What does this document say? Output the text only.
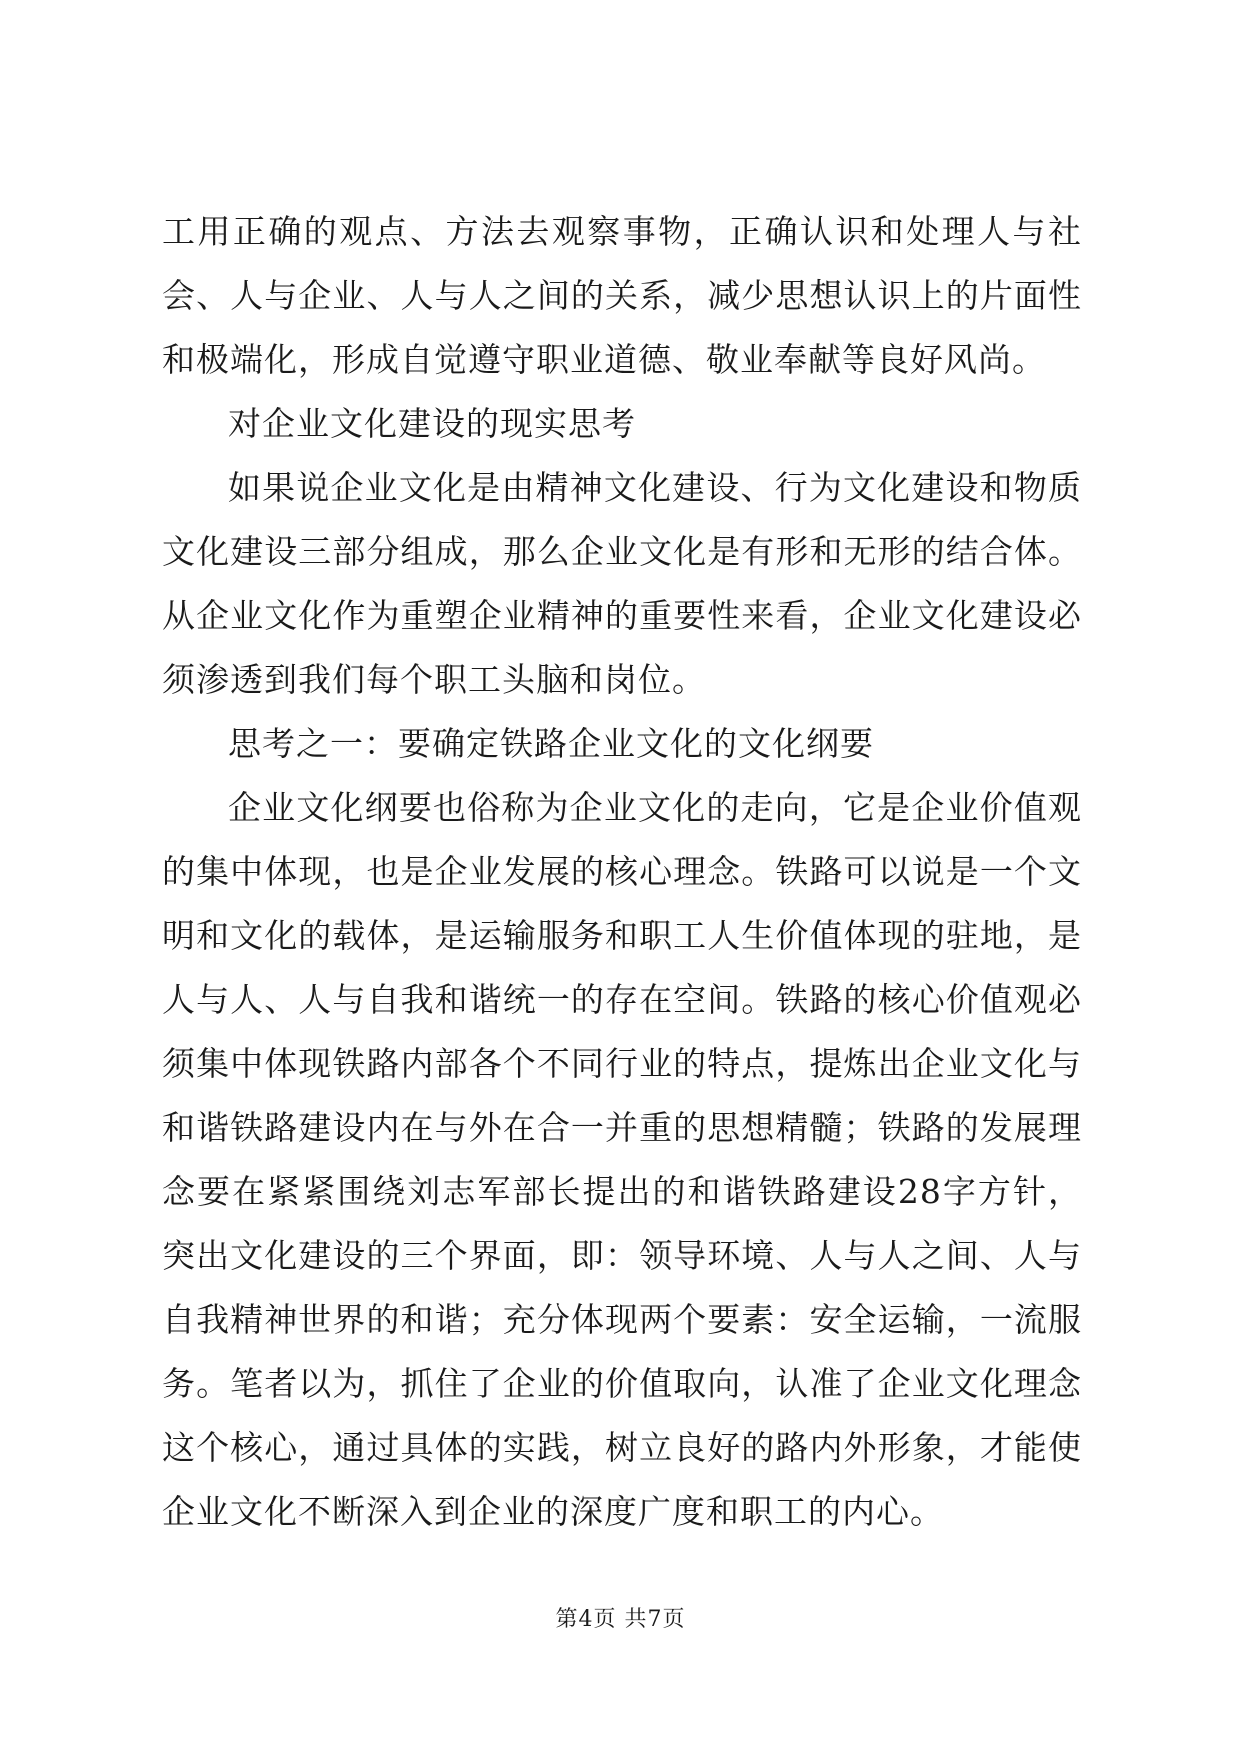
工用正确的观点、方法去观察事物，正确认识和处理人与社会、人与企业、人与人之间的关系，减少思想认识上的片面性和极端化，形成自觉遵守职业道德、敬业奉献等良好风尚。

对企业文化建设的现实思考

如果说企业文化是由精神文化建设、行为文化建设和物质文化建设三部分组成，那么企业文化是有形和无形的结合体。从企业文化作为重塑企业精神的重要性来看，企业文化建设必须渗透到我们每个职工头脑和岗位。

思考之一：要确定铁路企业文化的文化纲要

企业文化纲要也俗称为企业文化的走向，它是企业价值观的集中体现，也是企业发展的核心理念。铁路可以说是一个文明和文化的载体，是运输服务和职工人生价值体现的驻地，是人与人、人与自我和谐统一的存在空间。铁路的核心价值观必须集中体现铁路内部各个不同行业的特点，提炼出企业文化与和谐铁路建设内在与外在合一并重的思想精髓；铁路的发展理念要在紧紧围绕刘志军部长提出的和谐铁路建设28字方针，突出文化建设的三个界面，即：领导环境、人与人之间、人与自我精神世界的和谐；充分体现两个要素：安全运输，一流服务。笔者以为，抓住了企业的价值取向，认准了企业文化理念这个核心，通过具体的实践，树立良好的路内外形象，才能使企业文化不断深入到企业的深度广度和职工的内心。

第4页 共7页
